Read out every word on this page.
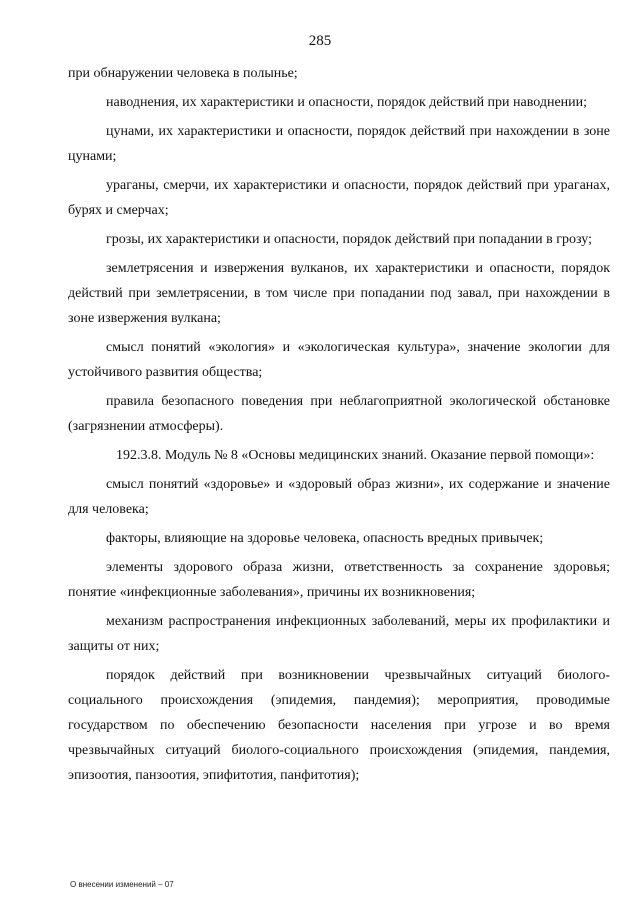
285

при обнаружении человека в полынье;

наводнения, их характеристики и опасности, порядок действий при наводнении;

цунами, их характеристики и опасности, порядок действий при нахождении в зоне цунами;

ураганы, смерчи, их характеристики и опасности, порядок действий при ураганах, бурях и смерчах;

грозы, их характеристики и опасности, порядок действий при попадании в грозу;

землетрясения и извержения вулканов, их характеристики и опасности, порядок действий при землетрясении, в том числе при попадании под завал, при нахождении в зоне извержения вулкана;

смысл понятий «экология» и «экологическая культура», значение экологии для устойчивого развития общества;

правила безопасного поведения при неблагоприятной экологической обстановке (загрязнении атмосферы).

192.3.8. Модуль № 8 «Основы медицинских знаний. Оказание первой помощи»:

смысл понятий «здоровье» и «здоровый образ жизни», их содержание и значение для человека;

факторы, влияющие на здоровье человека, опасность вредных привычек;

элементы здорового образа жизни, ответственность за сохранение здоровья; понятие «инфекционные заболевания», причины их возникновения;

механизм распространения инфекционных заболеваний, меры их профилактики и защиты от них;

порядок действий при возникновении чрезвычайных ситуаций биолого-социального происхождения (эпидемия, пандемия); мероприятия, проводимые государством по обеспечению безопасности населения при угрозе и во время чрезвычайных ситуаций биолого-социального происхождения (эпидемия, пандемия, эпизоотия, панзоотия, эпифитотия, панфитотия);

О внесении изменений – 07
